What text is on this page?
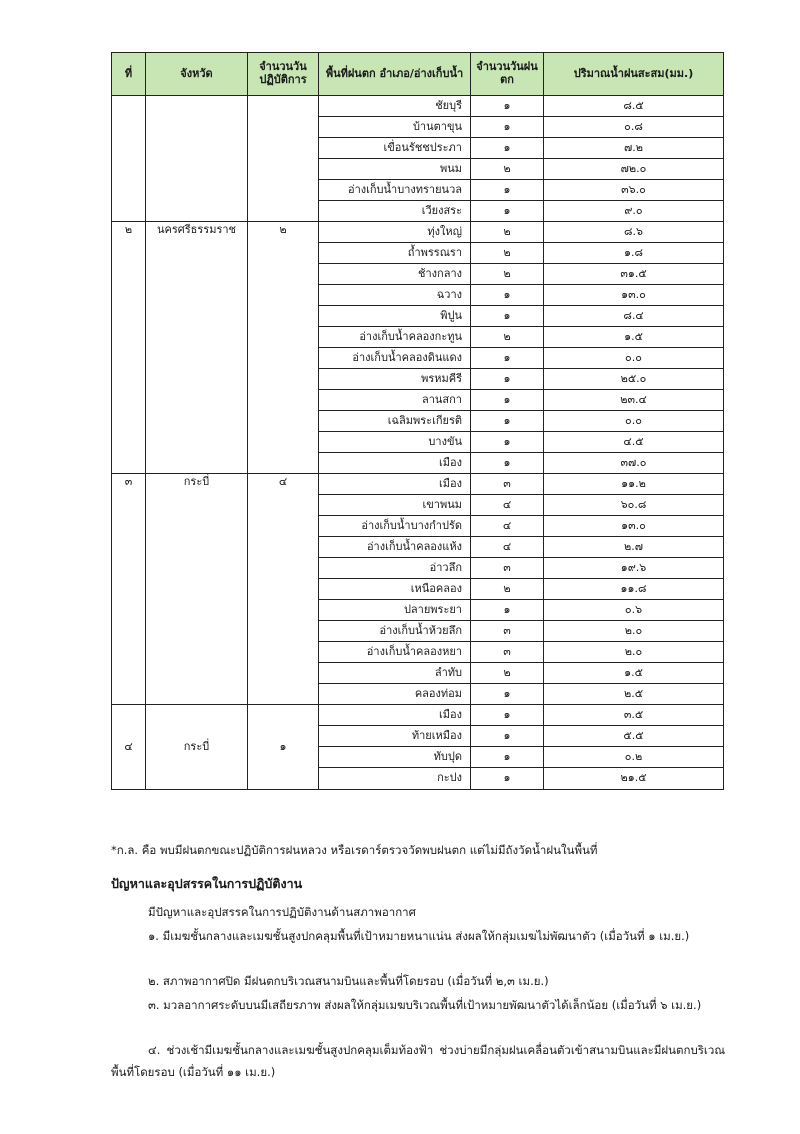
ที่	จังหวัด	จำนวนวันปฏิบัติการ	พื้นที่ฝนตก อำเภอ/อ่างเก็บน้ำ	จำนวนวันฝนตก	ปริมาณน้ำฝนสะสม(มม.)
			ชัยบุรี	๑	๘.๕
			บ้านตาขุน	๑	๐.๘
			เขื่อนรัชชประภา	๑	๗.๒
			พนม	๒	๗๒.๐
			อ่างเก็บน้ำบางทรายนวล	๑	๓๖.๐
			เวียงสระ	๑	๙.๐
๒	นครศรีธรรมราช	๒	ทุ่งใหญ่	๒	๘.๖
			ถ้ำพรรณรา	๒	๑.๘
			ช้างกลาง	๒	๓๑.๕
			ฉวาง	๑	๑๓.๐
			พิปูน	๑	๘.๔
			อ่างเก็บน้ำคลองกะทูน	๒	๑.๕
			อ่างเก็บน้ำคลองดินแดง	๑	๐.๐
			พรหมคีรี	๑	๒๕.๐
			ลานสกา	๑	๒๓.๔
			เฉลิมพระเกียรติ	๑	๐.๐
			บางขัน	๑	๔.๕
			เมือง	๑	๓๗.๐
๓	กระบี่	๔	เมือง	๓	๑๑.๒
			เขาพนม	๔	๖๐.๘
			อ่างเก็บน้ำบางกำปรัด	๔	๑๓.๐
			อ่างเก็บน้ำคลองแห้ง	๔	๒.๗
			อ่าวลึก	๓	๑๙.๖
			เหนือคลอง	๒	๑๑.๘
			ปลายพระยา	๑	๐.๖
			อ่างเก็บน้ำห้วยลึก	๓	๒.๐
			อ่างเก็บน้ำคลองหยา	๓	๒.๐
			ลำทับ	๒	๑.๕
			คลองท่อม	๑	๒.๕
๔	กระบี่	๑	เมือง	๑	๓.๕
			ท้ายเหมือง	๑	๕.๕
			ทับปุด	๑	๐.๒
			กะปง	๑	๒๑.๕
*ก.ล. คือ พบมีฝนตกขณะปฏิบัติการฝนหลวง หรือเรดาร์ตรวจวัดพบฝนตก แต่ไม่มีถังวัดน้ำฝนในพื้นที่
ปัญหาและอุปสรรคในการปฏิบัติงาน
มีปัญหาและอุปสรรคในการปฏิบัติงานด้านสภาพอากาศ
๑. มีเมฆชั้นกลางและเมฆชั้นสูงปกคลุมพื้นที่เป้าหมายหนาแน่น ส่งผลให้กลุ่มเมฆไม่พัฒนาตัว (เมื่อวันที่ ๑ เม.ย.)
๒. สภาพอากาศปิด มีฝนตกบริเวณสนามบินและพื้นที่โดยรอบ (เมื่อวันที่ ๒,๓ เม.ย.)
๓. มวลอากาศระดับบนมีเสถียรภาพ ส่งผลให้กลุ่มเมฆบริเวณพื้นที่เป้าหมายพัฒนาตัวได้เล็กน้อย (เมื่อวันที่ ๖ เม.ย.)
๔. ช่วงเช้ามีเมฆชั้นกลางและเมฆชั้นสูงปกคลุมเต็มท้องฟ้า ช่วงบ่ายมีกลุ่มฝนเคลื่อนตัวเข้าสนามบินและมีฝนตกบริเวณพื้นที่โดยรอบ (เมื่อวันที่ ๑๑ เม.ย.)
